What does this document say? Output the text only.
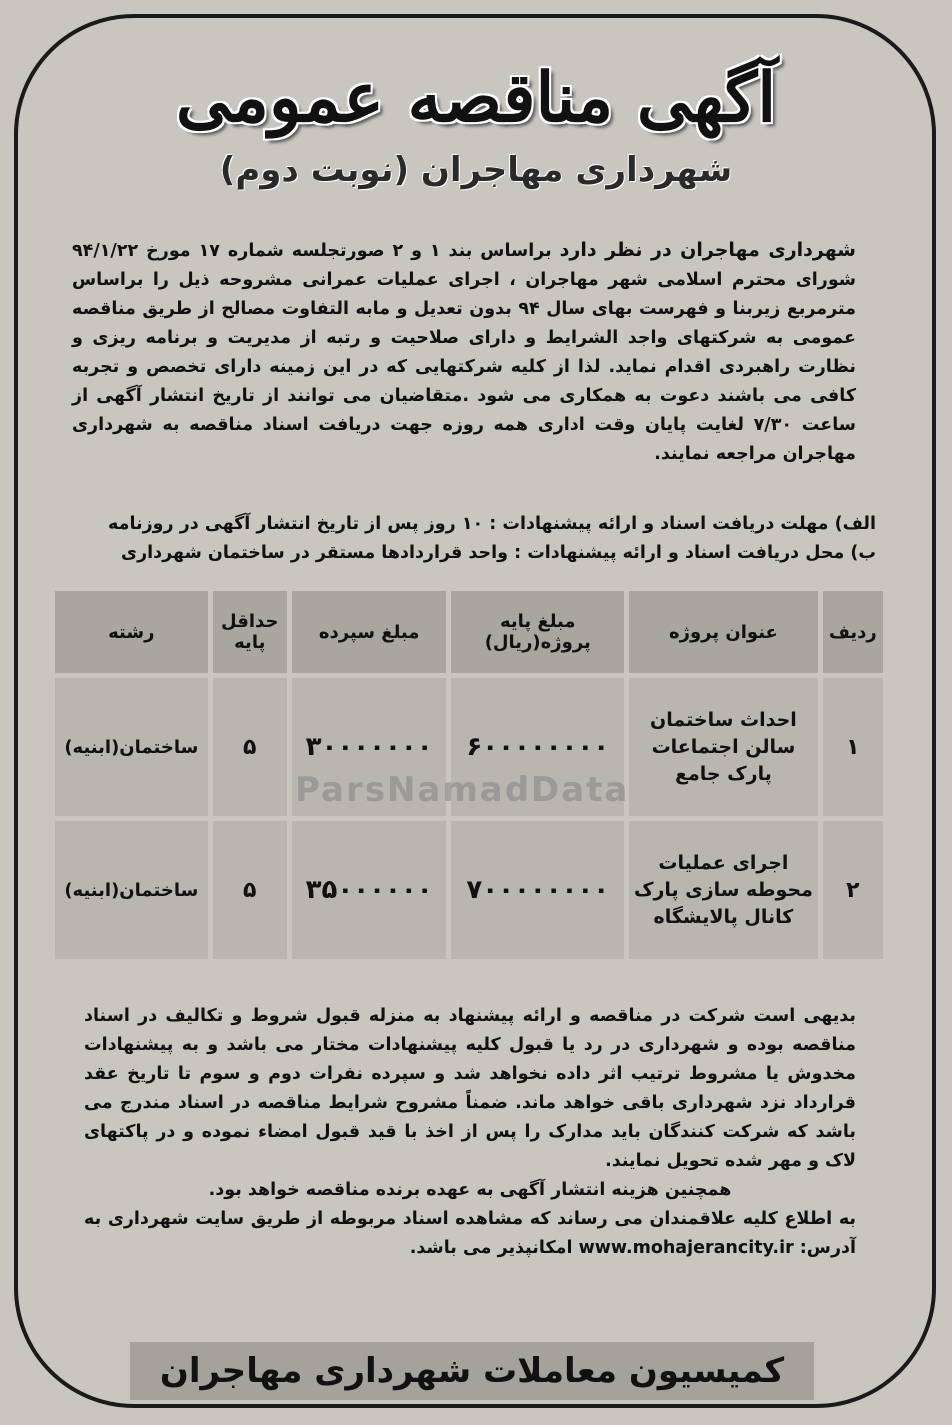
آگهی مناقصه عمومی
شهرداری مهاجران (نوبت دوم)
شهرداری مهاجران در نظر دارد براساس بند ۱ و ۲ صورتجلسه شماره ۱۷ مورخ ۹۴/۱/۲۲ شورای محترم اسلامی شهر مهاجران ، اجرای عملیات عمرانی مشروحه ذیل را براساس مترمربع زیربنا و فهرست بهای سال ۹۴ بدون تعدیل و مابه التفاوت مصالح از طریق مناقصه عمومی به شرکتهای واجد الشرایط و دارای صلاحیت و رتبه از مدیریت و برنامه ریزی و نظارت راهبردی اقدام نماید. لذا از کلیه شرکتهایی که در این زمینه دارای تخصص و تجربه کافی می باشند دعوت به همکاری می شود .متقاضیان می توانند از تاریخ انتشار آگهی از ساعت ۷/۳۰ لغایت پایان وقت اداری همه روزه جهت دریافت اسناد مناقصه به شهرداری مهاجران مراجعه نمایند.
الف) مهلت دریافت اسناد و ارائه پیشنهادات : ۱۰ روز پس از تاریخ انتشار آگهی در روزنامه
ب) محل دریافت اسناد و ارائه پیشنهادات : واحد قراردادها مستقر در ساختمان شهرداری
ردیف	عنوان پروژه	مبلغ پایه پروژه(ریال)	مبلغ سپرده	حداقل پایه	رشته
۱	احداث ساختمان سالن اجتماعات پارک جامع	۶۰۰۰۰۰۰۰۰	۳۰۰۰۰۰۰۰	۵	ساختمان(ابنیه)
۲	اجرای عملیات محوطه سازی پارک کانال پالایشگاه	۷۰۰۰۰۰۰۰۰	۳۵۰۰۰۰۰۰	۵	ساختمان(ابنیه)
ParsNamadData
بدیهی است شرکت در مناقصه و ارائه پیشنهاد به منزله قبول شروط و تکالیف در اسناد مناقصه بوده و شهرداری در رد یا قبول کلیه پیشنهادات مختار می باشد و به پیشنهادات مخدوش یا مشروط ترتیب اثر داده نخواهد شد و سپرده نفرات دوم و سوم تا تاریخ عقد قرارداد نزد شهرداری باقی خواهد ماند. ضمناً مشروح شرایط مناقصه در اسناد مندرج می باشد که شرکت کنندگان باید مدارک را پس از اخذ با قید قبول امضاء نموده و در پاکتهای لاک و مهر شده تحویل نمایند.
همچنین هزینه انتشار آگهی به عهده برنده مناقصه خواهد بود.
به اطلاع کلیه علاقمندان می رساند که مشاهده اسناد مربوطه از طریق سایت شهرداری به آدرس: www.mohajerancity.ir امکانپذیر می باشد.
کمیسیون معاملات شهرداری مهاجران
